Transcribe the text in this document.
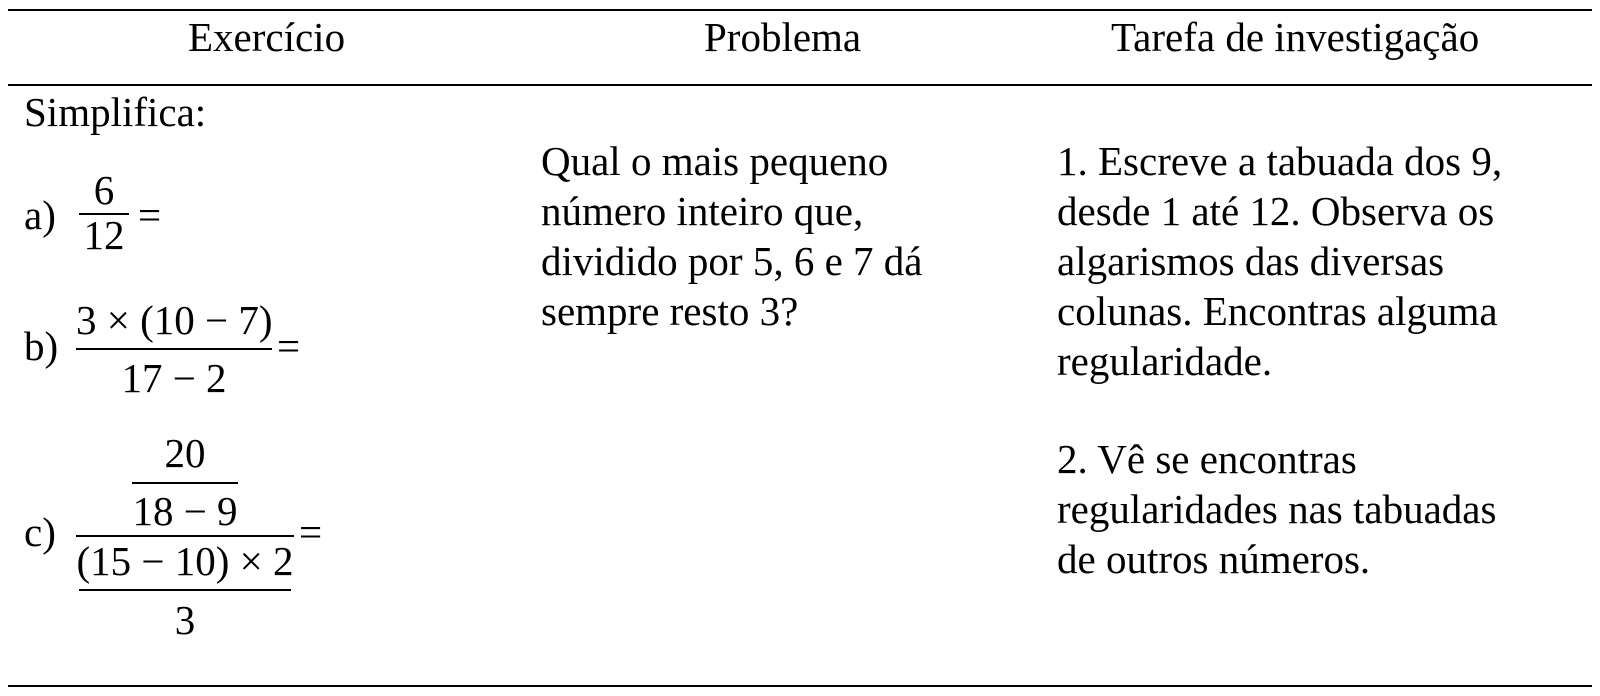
Exercício	Problema	Tarefa de investigação
Simplifica:
a)
6
12 =
b)
3 × (10 − 7)
17 − 2
=
c)
20
18 − 9
(15 − 10) × 2
3
=
Qual o mais pequeno
número inteiro que,
dividido por 5, 6 e 7 dá
sempre resto 3?
1. Escreve a tabuada dos 9,
desde 1 até 12. Observa os
algarismos das diversas
colunas. Encontras alguma
regularidade.
2. Vê se encontras
regularidades nas tabuadas
de outros números.
